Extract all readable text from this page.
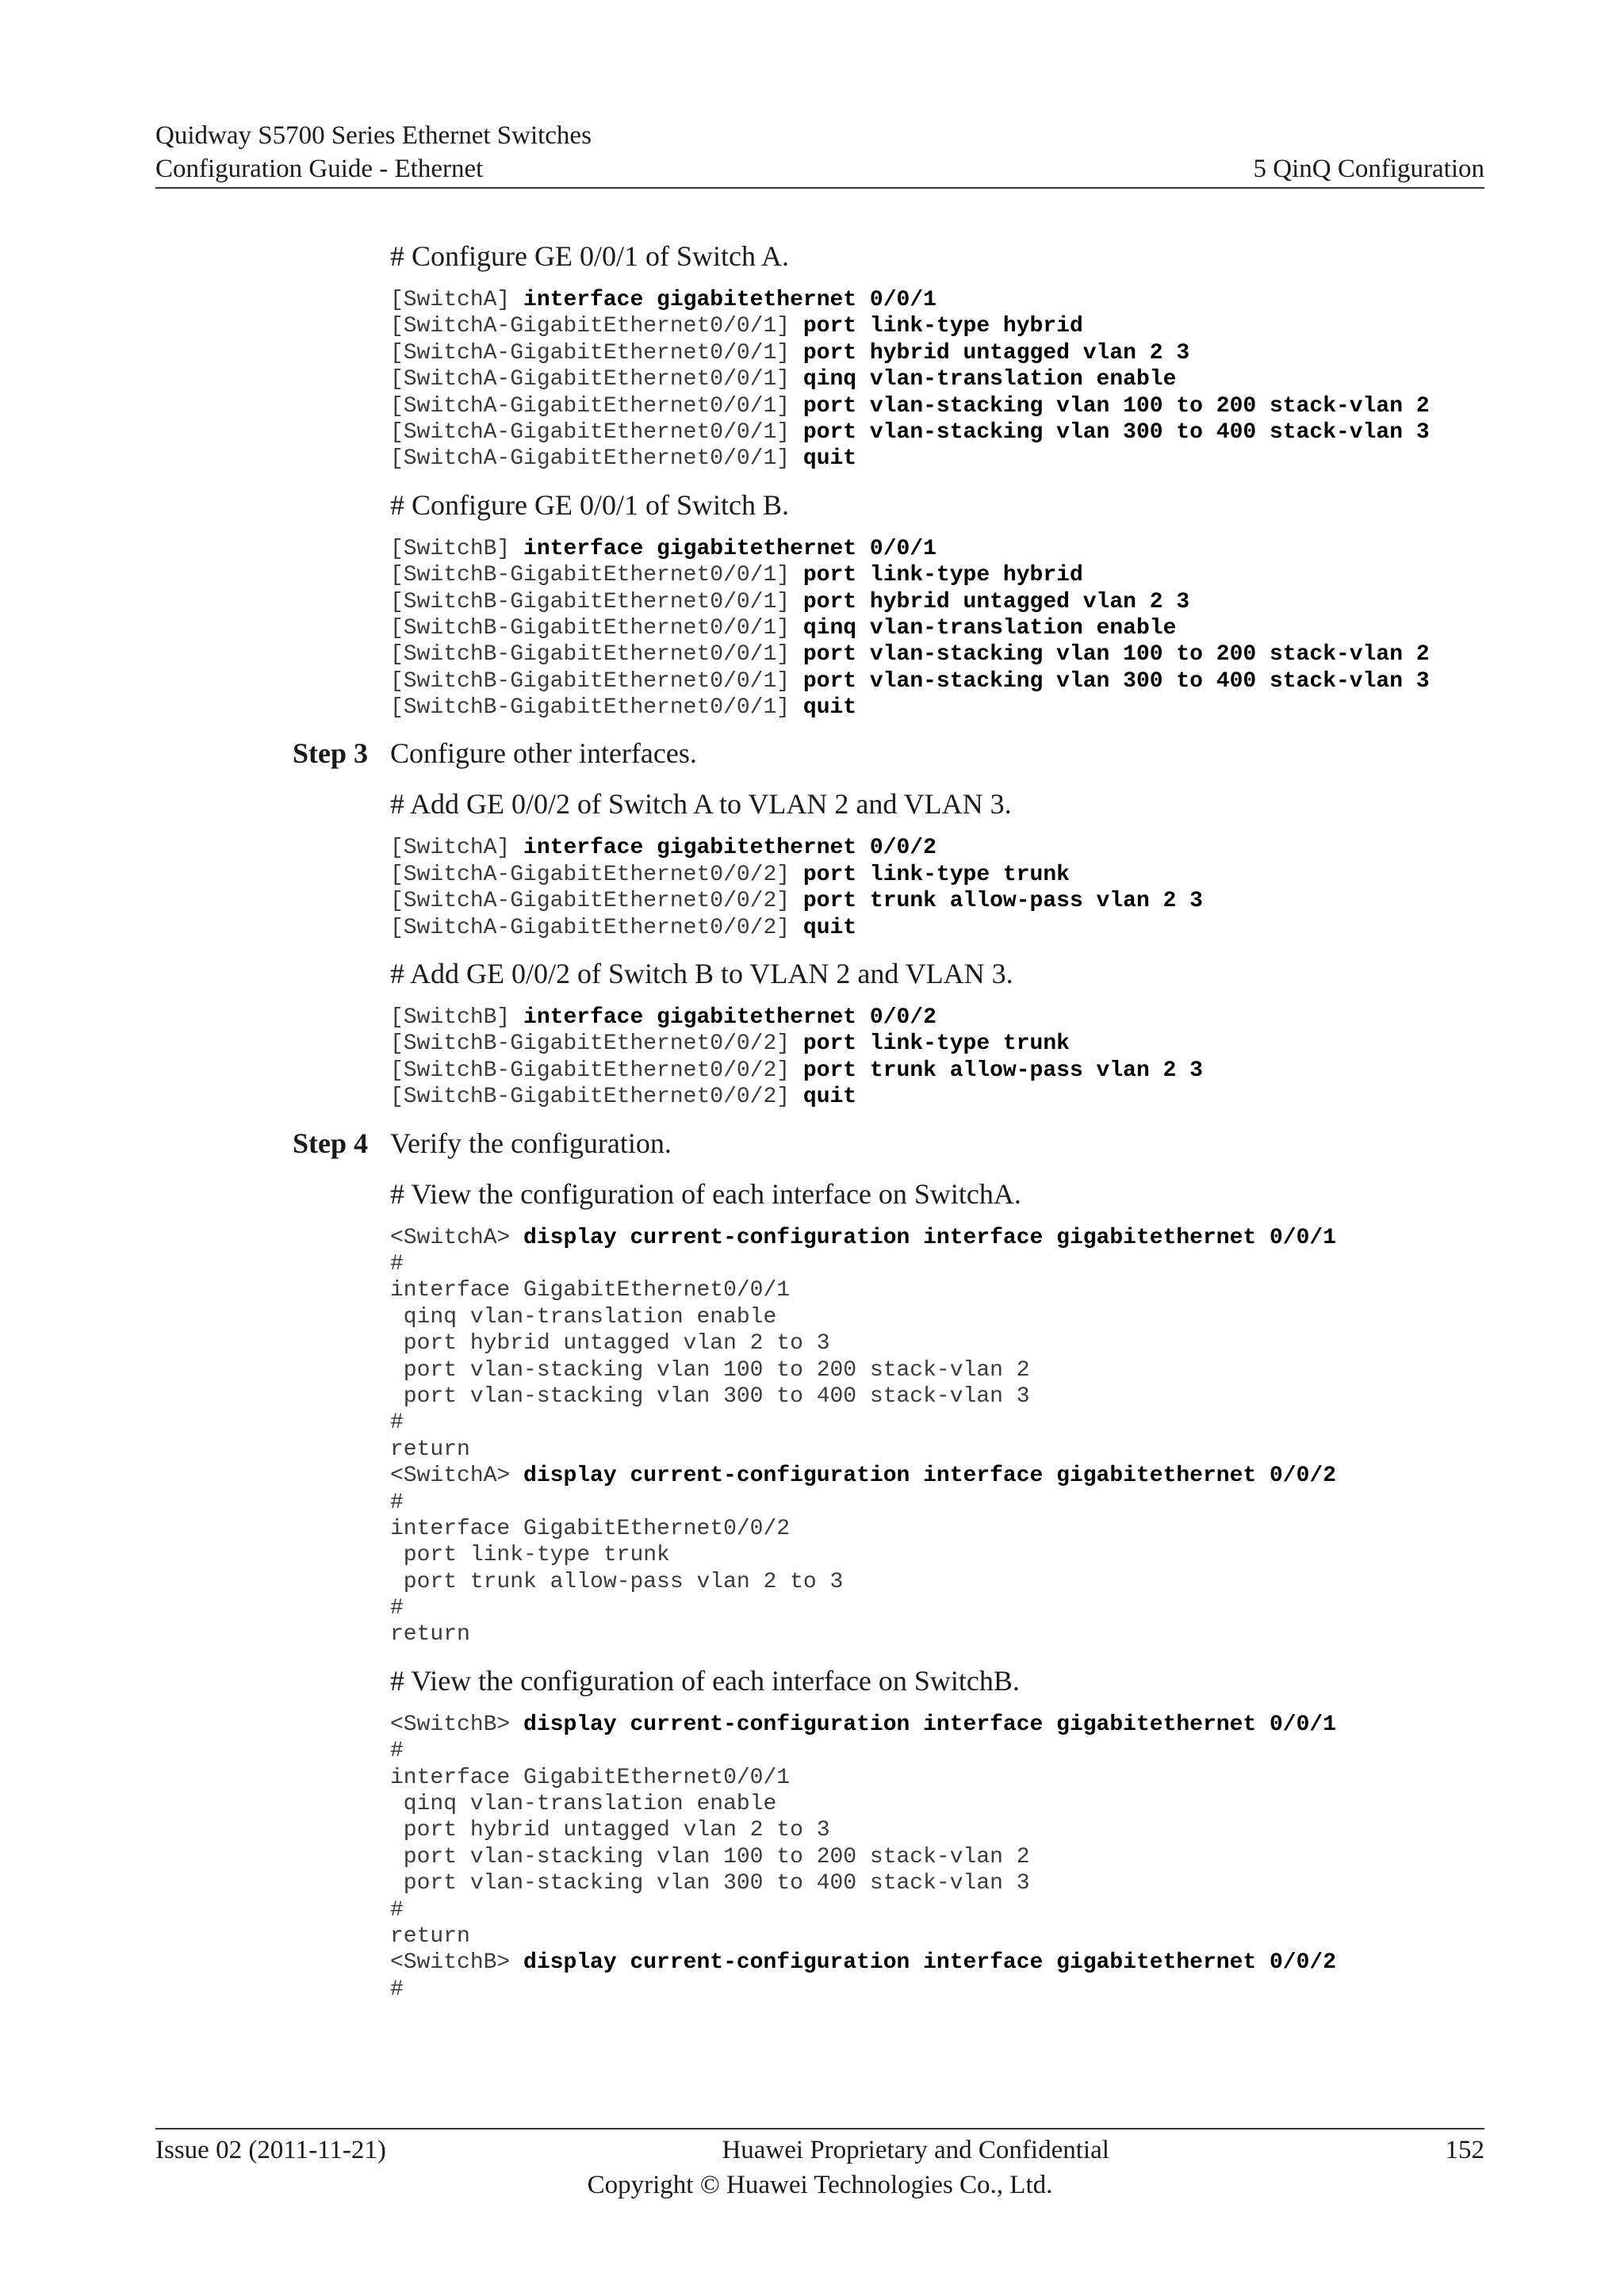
Quidway S5700 Series Ethernet Switches
Configuration Guide - Ethernet	5 QinQ Configuration
# Configure GE 0/0/1 of Switch A.
[SwitchA] interface gigabitethernet 0/0/1
[SwitchA-GigabitEthernet0/0/1] port link-type hybrid
[SwitchA-GigabitEthernet0/0/1] port hybrid untagged vlan 2 3
[SwitchA-GigabitEthernet0/0/1] qinq vlan-translation enable
[SwitchA-GigabitEthernet0/0/1] port vlan-stacking vlan 100 to 200 stack-vlan 2
[SwitchA-GigabitEthernet0/0/1] port vlan-stacking vlan 300 to 400 stack-vlan 3
[SwitchA-GigabitEthernet0/0/1] quit
# Configure GE 0/0/1 of Switch B.
[SwitchB] interface gigabitethernet 0/0/1
[SwitchB-GigabitEthernet0/0/1] port link-type hybrid
[SwitchB-GigabitEthernet0/0/1] port hybrid untagged vlan 2 3
[SwitchB-GigabitEthernet0/0/1] qinq vlan-translation enable
[SwitchB-GigabitEthernet0/0/1] port vlan-stacking vlan 100 to 200 stack-vlan 2
[SwitchB-GigabitEthernet0/0/1] port vlan-stacking vlan 300 to 400 stack-vlan 3
[SwitchB-GigabitEthernet0/0/1] quit
Step 3 Configure other interfaces.
# Add GE 0/0/2 of Switch A to VLAN 2 and VLAN 3.
[SwitchA] interface gigabitethernet 0/0/2
[SwitchA-GigabitEthernet0/0/2] port link-type trunk
[SwitchA-GigabitEthernet0/0/2] port trunk allow-pass vlan 2 3
[SwitchA-GigabitEthernet0/0/2] quit
# Add GE 0/0/2 of Switch B to VLAN 2 and VLAN 3.
[SwitchB] interface gigabitethernet 0/0/2
[SwitchB-GigabitEthernet0/0/2] port link-type trunk
[SwitchB-GigabitEthernet0/0/2] port trunk allow-pass vlan 2 3
[SwitchB-GigabitEthernet0/0/2] quit
Step 4 Verify the configuration.
# View the configuration of each interface on SwitchA.
<SwitchA> display current-configuration interface gigabitethernet 0/0/1
#
interface GigabitEthernet0/0/1
qinq vlan-translation enable
port hybrid untagged vlan 2 to 3
port vlan-stacking vlan 100 to 200 stack-vlan 2
port vlan-stacking vlan 300 to 400 stack-vlan 3
#
return
<SwitchA> display current-configuration interface gigabitethernet 0/0/2
#
interface GigabitEthernet0/0/2
port link-type trunk
port trunk allow-pass vlan 2 to 3
#
return
# View the configuration of each interface on SwitchB.
<SwitchB> display current-configuration interface gigabitethernet 0/0/1
#
interface GigabitEthernet0/0/1
qinq vlan-translation enable
port hybrid untagged vlan 2 to 3
port vlan-stacking vlan 100 to 200 stack-vlan 2
port vlan-stacking vlan 300 to 400 stack-vlan 3
#
return
<SwitchB> display current-configuration interface gigabitethernet 0/0/2
#
Issue 02 (2011-11-21)	Huawei Proprietary and Confidential	152
Copyright © Huawei Technologies Co., Ltd.
